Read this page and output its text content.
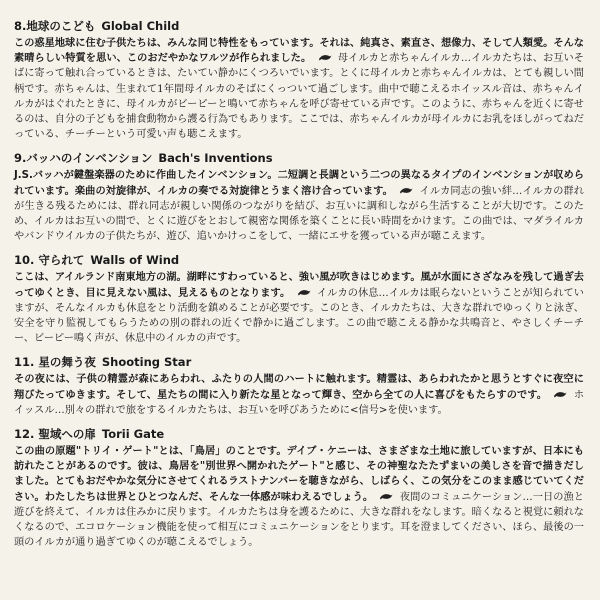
8.地球のこども Global Child

この惑星地球に住む子供たちは、みんな同じ特性をもっています。それは、純真さ、素直さ、想像力、そして人類愛。そんな素晴らしい特質を思い、このおだやかなワルツが作られました。	母イルカと赤ちゃんイルカ…イルカたちは、お互いそばに寄って触れ合っているときは、たいてい静かにくつろいでいます。とくに母イルカと赤ちゃんイルカは、とても親しい間柄です。赤ちゃんは、生まれて1年間母イルカのそばにくっついて過ごします。曲中で聴こえるホイッスル音は、赤ちゃんイルカがはぐれたときに、母イルカがビーピーと鳴いて赤ちゃんを呼び寄せている声です。このように、赤ちゃんを近くに寄せるのは、自分の子どもを捕食動物から護る行為でもあります。ここでは、赤ちゃんイルカが母イルカにお乳をほしがってねだっている、チーチーという可愛い声も聴こえます。

9.バッハのインベンション Bach's Inventions

J.S.バッハが鍵盤楽器のために作曲したインベンション。二短調と長調という二つの異なるタイプのインベンションが収められています。楽曲の対旋律が、イルカの奏でる対旋律とうまく溶け合っています。	イルカ同志の強い絆…イルカの群れが生きる残るためには、群れ同志が親しい関係のつながりを結び、お互いに調和しながら生活することが大切です。このため、イルカはお互いの間で、とくに遊びをとおして親密な関係を築くことに長い時間をかけます。この曲では、マダライルカやバンドウイルカの子供たちが、遊び、追いかけっこをして、一緒にエサを獲っている声が聴こえます。

10. 守られて Walls of Wind

ここは、アイルランド南東地方の湖。湖畔にすわっていると、強い風が吹きはじめます。風が水面にさざなみを残して過ぎ去ってゆくとき、目に見えない風は、見えるものとなります。	イルカの休息…イルカは眠らないということが知られていますが、そんなイルカも休息をとり活動を鎮めることが必要です。このとき、イルカたちは、大きな群れでゆっくりと泳ぎ、安全を守り監視してもらうための別の群れの近くで静かに過ごします。この曲で聴こえる静かな共鳴音と、やさしくチーチー、ビーピー鳴く声が、休息中のイルカの声です。

11. 星の舞う夜 Shooting Star

その夜には、子供の精霊が森にあらわれ、ふたりの人間のハートに触れます。精霊は、あらわれたかと思うとすぐに夜空に翔びたってゆきます。そして、星たちの間に入り新たな星となって輝き、空から全ての人に喜びをもたらすのです。	ホイッスル…別々の群れで旅をするイルカたちは、お互いを呼びあうために<信号>を使います。

12. 聖域への扉 Torii Gate

この曲の原題"トリイ・ゲート"とは、「鳥居」のことです。デイブ・ケニーは、さまざまな土地に旅していますが、日本にも訪れたことがあるのです。彼は、鳥居を"別世界へ開かれたゲート"と感じ、その神聖なたたずまいの美しさを音で描きだしました。とてもおだやかな気分にさせてくれるラストナンバーを聴きながら、しばらく、この気分をこのまま感じていてください。わたしたちは世界とひとつなんだ、そんな一体感が味わえるでしょう。	夜間のコミュニケーション…一日の漁と遊びを終えて、イルカは住みかに戻ります。イルカたちは身を護るために、大きな群れをなします。暗くなると視覚に頼れなくなるので、エコロケーション機能を使って相互にコミュニケーションをとります。耳を澄ましてください、ほら、最後の一頭のイルカが通り過ぎてゆくのが聴こえるでしょう。
